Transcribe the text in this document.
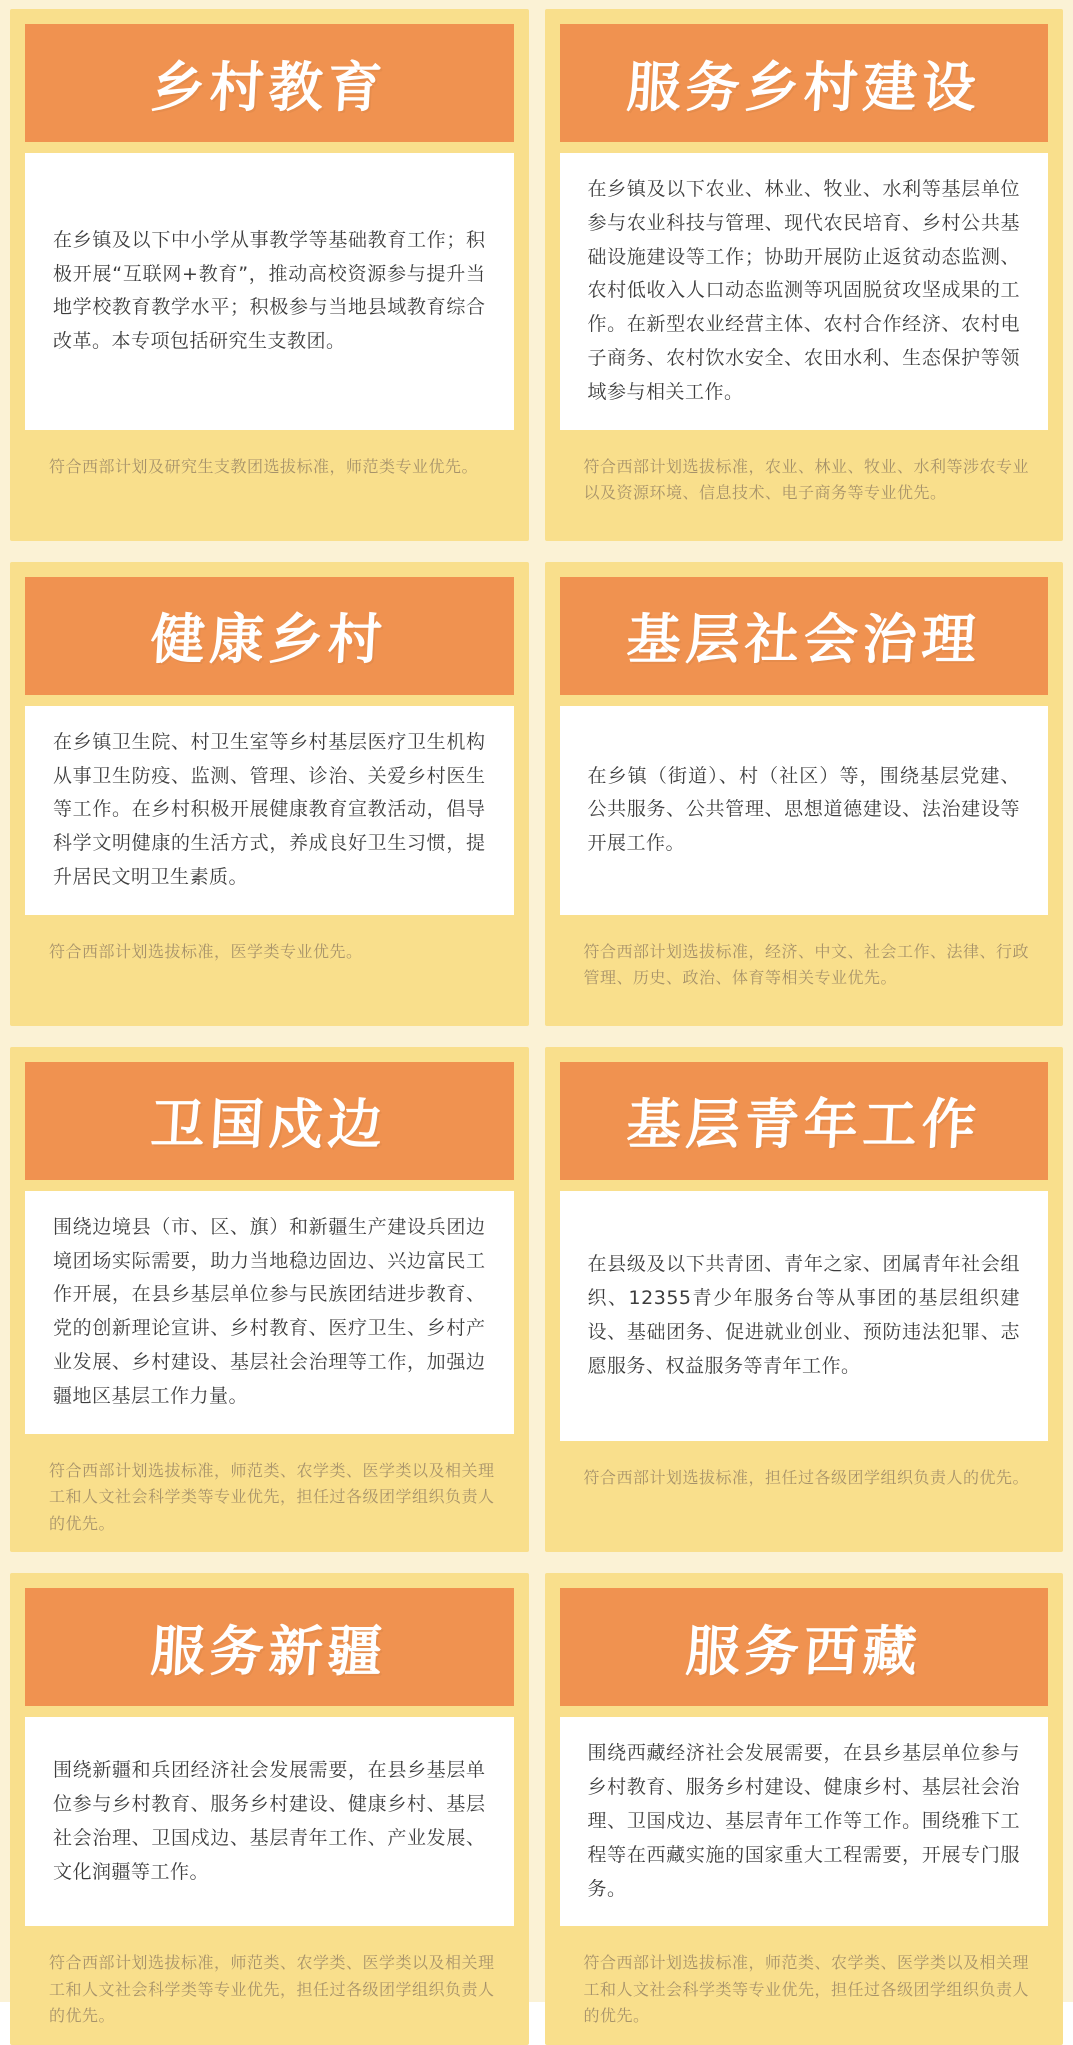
乡村教育
在乡镇及以下中小学从事教学等基础教育工作；积极开展“互联网+教育”，推动高校资源参与提升当地学校教育教学水平；积极参与当地县域教育综合改革。本专项包括研究生支教团。
符合西部计划及研究生支教团选拔标准，师范类专业优先。
服务乡村建设
在乡镇及以下农业、林业、牧业、水利等基层单位参与农业科技与管理、现代农民培育、乡村公共基础设施建设等工作；协助开展防止返贫动态监测、农村低收入人口动态监测等巩固脱贫攻坚成果的工作。在新型农业经营主体、农村合作经济、农村电子商务、农村饮水安全、农田水利、生态保护等领域参与相关工作。
符合西部计划选拔标准，农业、林业、牧业、水利等涉农专业以及资源环境、信息技术、电子商务等专业优先。
健康乡村
在乡镇卫生院、村卫生室等乡村基层医疗卫生机构从事卫生防疫、监测、管理、诊治、关爱乡村医生等工作。在乡村积极开展健康教育宣教活动，倡导科学文明健康的生活方式，养成良好卫生习惯，提升居民文明卫生素质。
符合西部计划选拔标准，医学类专业优先。
基层社会治理
在乡镇（街道）、村（社区）等，围绕基层党建、公共服务、公共管理、思想道德建设、法治建设等开展工作。
符合西部计划选拔标准，经济、中文、社会工作、法律、行政管理、历史、政治、体育等相关专业优先。
卫国戍边
围绕边境县（市、区、旗）和新疆生产建设兵团边境团场实际需要，助力当地稳边固边、兴边富民工作开展，在县乡基层单位参与民族团结进步教育、党的创新理论宣讲、乡村教育、医疗卫生、乡村产业发展、乡村建设、基层社会治理等工作，加强边疆地区基层工作力量。
符合西部计划选拔标准，师范类、农学类、医学类以及相关理工和人文社会科学类等专业优先，担任过各级团学组织负责人的优先。
基层青年工作
在县级及以下共青团、青年之家、团属青年社会组织、12355青少年服务台等从事团的基层组织建设、基础团务、促进就业创业、预防违法犯罪、志愿服务、权益服务等青年工作。
符合西部计划选拔标准，担任过各级团学组织负责人的优先。
服务新疆
围绕新疆和兵团经济社会发展需要，在县乡基层单位参与乡村教育、服务乡村建设、健康乡村、基层社会治理、卫国戍边、基层青年工作、产业发展、文化润疆等工作。
符合西部计划选拔标准，师范类、农学类、医学类以及相关理工和人文社会科学类等专业优先，担任过各级团学组织负责人的优先。
服务西藏
围绕西藏经济社会发展需要，在县乡基层单位参与乡村教育、服务乡村建设、健康乡村、基层社会治理、卫国戍边、基层青年工作等工作。围绕雅下工程等在西藏实施的国家重大工程需要，开展专门服务。
符合西部计划选拔标准，师范类、农学类、医学类以及相关理工和人文社会科学类等专业优先，担任过各级团学组织负责人的优先。
